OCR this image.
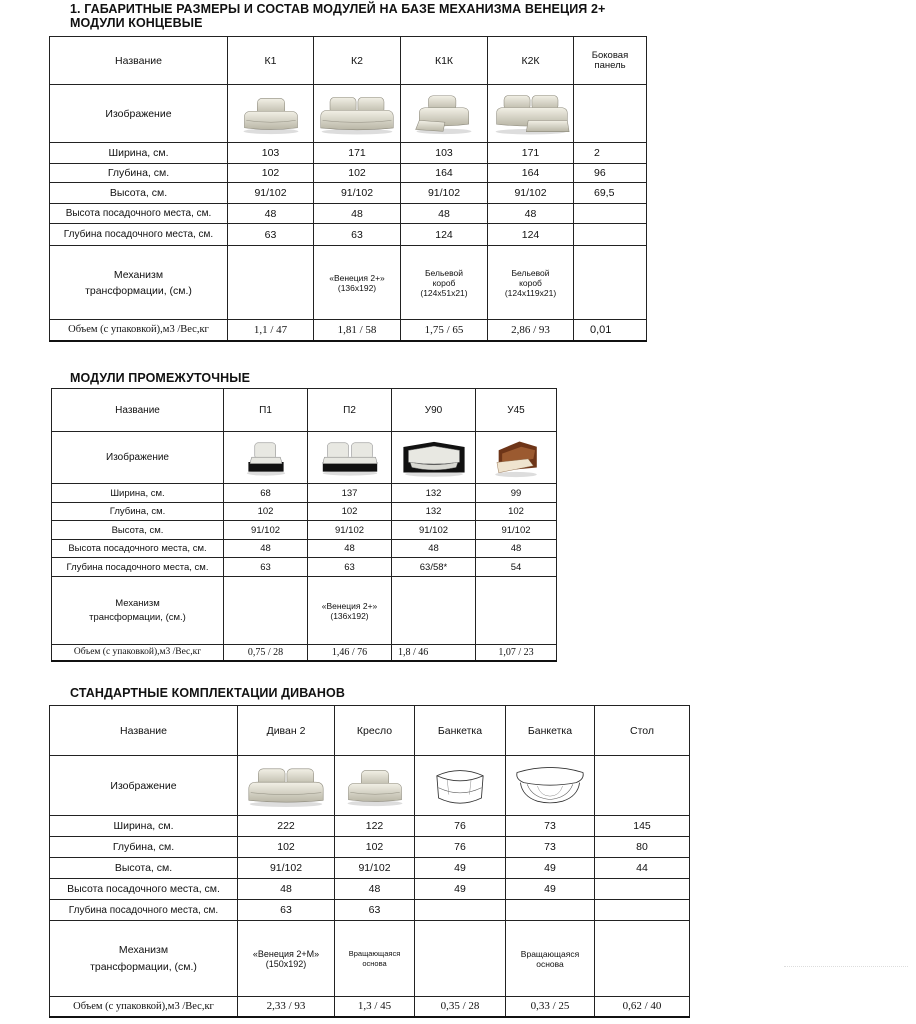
1. ГАБАРИТНЫЕ РАЗМЕРЫ И СОСТАВ МОДУЛЕЙ НА БАЗЕ МЕХАНИЗМА ВЕНЕЦИЯ 2+
МОДУЛИ КОНЦЕВЫЕ
Название	К1	К2	К1К	К2К	Боковая панель
Изображение	

Ширина, см.	103	171	103	171	2
Глубина, см.	102	102	164	164	96
Высота, см.	91/102	91/102	91/102	91/102	69,5
Высота посадочного места, см.	48	48	48	48	
Глубина посадочного места, см.	63	63	124	124	
Механизм трансформации, (см.)		«Венеция 2+» (136х192)	Бельевой короб (124х51х21)	Бельевой короб (124х119х21)	
Объем (с упаковкой),м3 /Вес,кг	1,1 / 47	1,81 / 58	1,75 / 65	2,86 / 93	0,01
МОДУЛИ ПРОМЕЖУТОЧНЫЕ
Название	П1	П2	У90	У45
Изображение	

Ширина, см.	68	137	132	99
Глубина, см.	102	102	132	102
Высота, см.	91/102	91/102	91/102	91/102
Высота посадочного места, см.	48	48	48	48
Глубина посадочного места, см.	63	63	63/58*	54
Механизм трансформации, (см.)		«Венеция 2+» (136х192)		
Объем (с упаковкой),м3 /Вес,кг	0,75 / 28	1,46 / 76	1,8 / 46	1,07 / 23
СТАНДАРТНЫЕ КОМПЛЕКТАЦИИ ДИВАНОВ
Название	Диван 2	Кресло	Банкетка	Банкетка	Стол
Изображение	

Ширина, см.	222	122	76	73	145
Глубина, см.	102	102	76	73	80
Высота, см.	91/102	91/102	49	49	44
Высота посадочного места, см.	48	48	49	49	
Глубина посадочного места, см.	63	63			
Механизм трансформации, (см.)	«Венеция 2+М» (150х192)	Вращающаяся основа		Вращающаяся основа	
Объем (с упаковкой),м3 /Вес,кг	2,33 / 93	1,3 / 45	0,35 / 28	0,33 / 25	0,62 / 40
